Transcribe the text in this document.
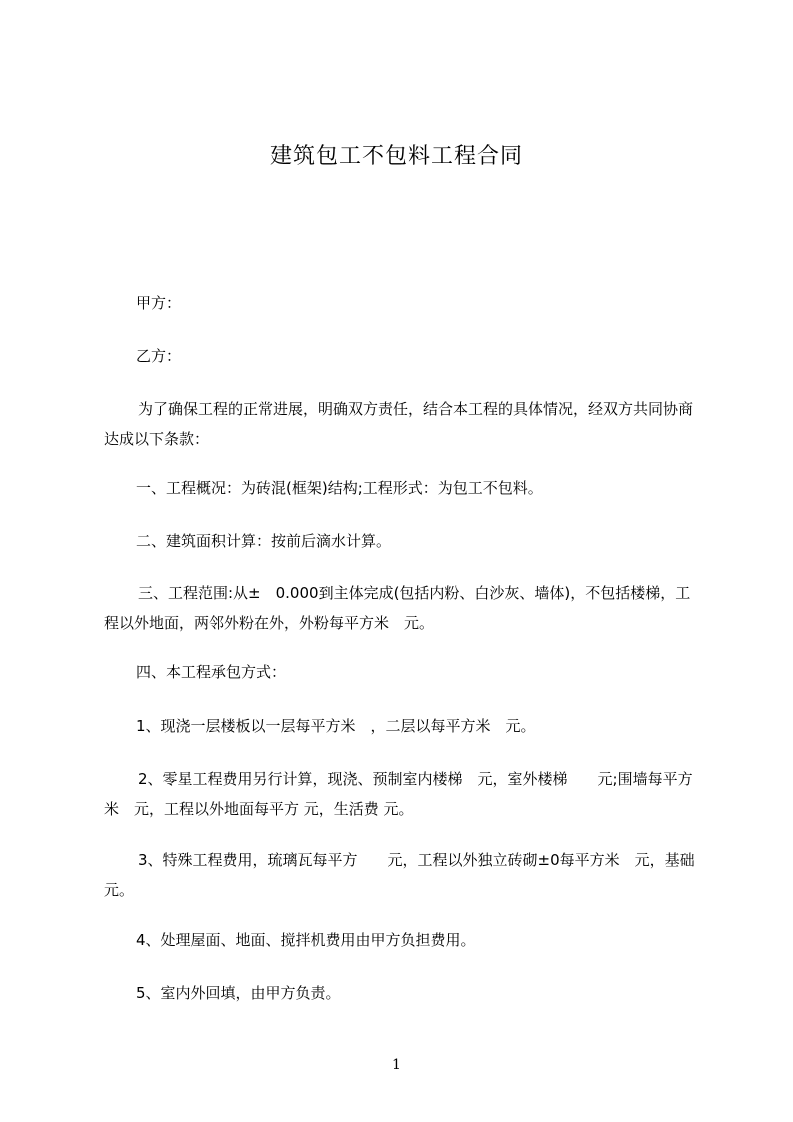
建筑包工不包料工程合同

甲方：

乙方：

为了确保工程的正常进展，明确双方责任，结合本工程的具体情况，经双方共同协商达成以下条款：

一、工程概况：为砖混(框架)结构;工程形式：为包工不包料。

二、建筑面积计算：按前后滴水计算。

三、工程范围:从±　0.000到主体完成(包括内粉、白沙灰、墙体)，不包括楼梯，工程以外地面，两邻外粉在外，外粉每平方米　元。

四、本工程承包方式：

1、现浇一层楼板以一层每平方米　，二层以每平方米　元。

2、零星工程费用另行计算，现浇、预制室内楼梯　元，室外楼梯　　元;围墙每平方米　元，工程以外地面每平方 元，生活费 元。

3、特殊工程费用，琉璃瓦每平方　　元，工程以外独立砖砌±0每平方米　元，基础　元。

4、处理屋面、地面、搅拌机费用由甲方负担费用。

5、室内外回填，由甲方负责。

1
